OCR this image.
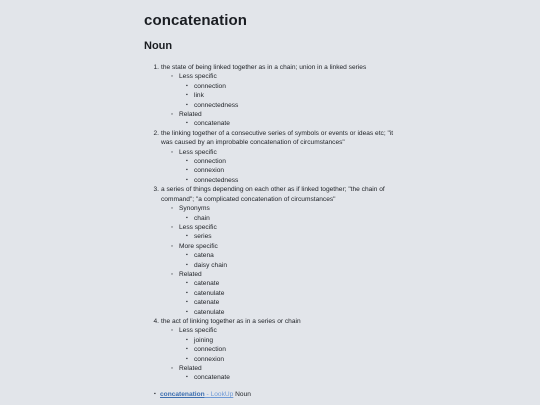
concatenation
Noun
1. the state of being linked together as in a chain; union in a linked series
◦ Less specific
▪ connection
▪ link
▪ connectedness
◦ Related
▪ concatenate
2. the linking together of a consecutive series of symbols or events or ideas etc; "it was caused by an improbable concatenation of circumstances"
◦ Less specific
▪ connection
▪ connexion
▪ connectedness
3. a series of things depending on each other as if linked together; "the chain of command"; "a complicated concatenation of circumstances"
◦ Synonyms
▪ chain
◦ Less specific
▪ series
◦ More specific
▪ catena
▪ daisy chain
◦ Related
▪ catenate
▪ catenulate
▪ catenate
▪ catenulate
4. the act of linking together as in a series or chain
◦ Less specific
▪ joining
▪ connection
▪ connexion
◦ Related
▪ concatenate
▪ concatenation - LookUp Noun
